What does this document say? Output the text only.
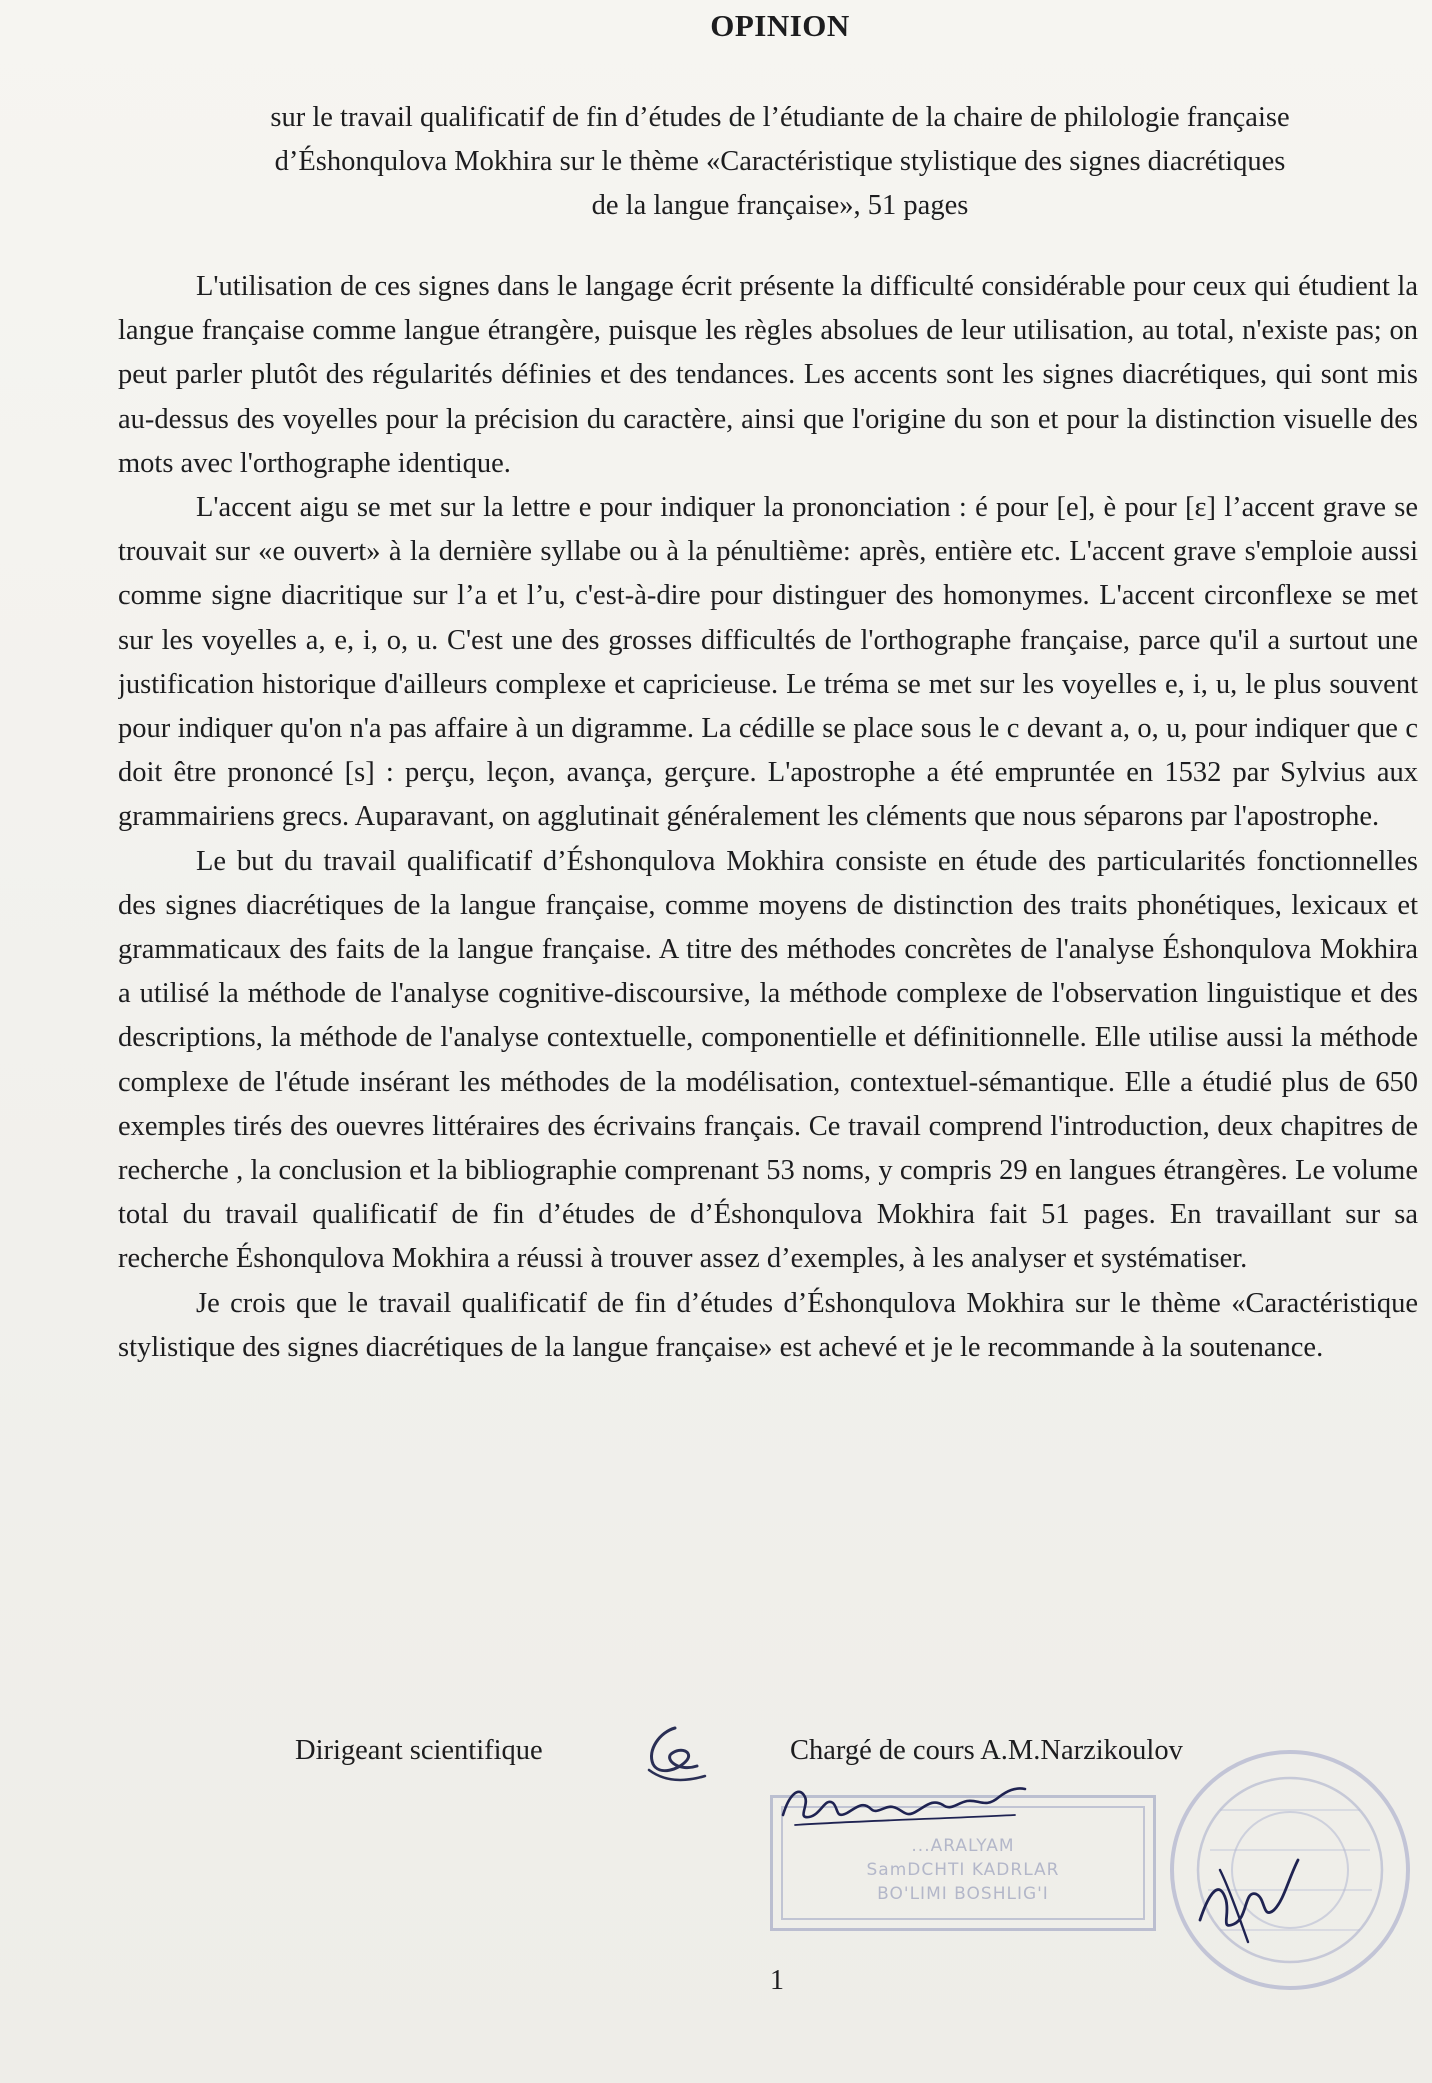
OPINION
sur le travail qualificatif de fin d’études de l’étudiante de la chaire de philologie française
d’Éshonqulova Mokhira sur le thème «Caractéristique stylistique des signes diacrétiques
de la langue française», 51 pages

L'utilisation de ces signes dans le langage écrit présente la difficulté considérable pour ceux qui étudient la langue française comme langue étrangère, puisque les règles absolues de leur utilisation, au total, n'existe pas; on peut parler plutôt des régularités définies et des tendances. Les accents sont les signes diacrétiques, qui sont mis au-dessus des voyelles pour la précision du caractère, ainsi que l'origine du son et pour la distinction visuelle des mots avec l'orthographe identique.

L'accent aigu se met sur la lettre e pour indiquer la prononciation : é pour [e], è pour [ɛ] l’accent grave se trouvait sur «e ouvert» à la dernière syllabe ou à la pénultième: après, entière etc. L'accent grave s'emploie aussi comme signe diacritique sur l’a et l’u, c'est-à-dire pour distinguer des homonymes. L'accent circonflexe se met sur les voyelles a, e, i, o, u. C'est une des grosses difficultés de l'orthographe française, parce qu'il a surtout une justification historique d'ailleurs complexe et capricieuse. Le tréma se met sur les voyelles e, i, u, le plus souvent pour indiquer qu'on n'a pas affaire à un digramme. La cédille se place sous le c devant a, o, u, pour indiquer que c doit être prononcé [s] : perçu, leçon, avança, gerçure. L'apostrophe a été empruntée en 1532 par Sylvius aux grammairiens grecs. Auparavant, on agglutinait généralement les cléments que nous séparons par l'apostrophe.

Le but du travail qualificatif d’Éshonqulova Mokhira consiste en étude des particularités fonctionnelles des signes diacrétiques de la langue française, comme moyens de distinction des traits phonétiques, lexicaux et grammaticaux des faits de la langue française. A titre des méthodes concrètes de l'analyse Éshonqulova Mokhira a utilisé la méthode de l'analyse cognitive-discoursive, la méthode complexe de l'observation linguistique et des descriptions, la méthode de l'analyse contextuelle, componentielle et définitionnelle. Elle utilise aussi la méthode complexe de l'étude insérant les méthodes de la modélisation, contextuel-sémantique. Elle a étudié plus de 650 exemples tirés des ouevres littéraires des écrivains français. Ce travail comprend l'introduction, deux chapitres de recherche , la conclusion et la bibliographie comprenant 53 noms, y compris 29 en langues étrangères. Le volume total du travail qualificatif de fin d’études de d’Éshonqulova Mokhira fait 51 pages. En travaillant sur sa recherche Éshonqulova Mokhira a réussi à trouver assez d’exemples, à les analyser et systématiser.

Je crois que le travail qualificatif de fin d’études d’Éshonqulova Mokhira sur le thème «Caractéristique stylistique des signes diacrétiques de la langue française» est achevé et je le recommande à la soutenance.

Dirigeant scientifique	Chargé de cours A.M.Narzikoulov
...ARALYAM
SamDCHTI KADRLAR
BO'LIMI BOSHLIG'I
1
